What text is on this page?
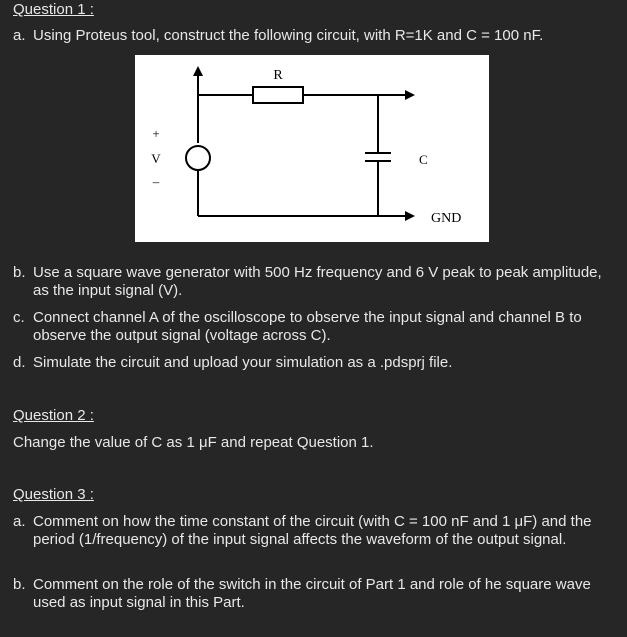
Question 1 :
a. Using Proteus tool, construct the following circuit, with R=1K and C = 100 nF.
R
C
+
V
–
GND
b. Use a square wave generator with 500 Hz frequency and 6 V peak to peak amplitude, as the input signal (V).
c. Connect channel A of the oscilloscope to observe the input signal and channel B to observe the output signal (voltage across C).
d. Simulate the circuit and upload your simulation as a .pdsprj file.
Question 2 :
Change the value of C as 1 μF and repeat Question 1.
Question 3 :
a. Comment on how the time constant of the circuit (with C = 100 nF and 1 μF) and the period (1/frequency) of the input signal affects the waveform of the output signal.
b. Comment on the role of the switch in the circuit of Part 1 and role of he square wave used as input signal in this Part.
